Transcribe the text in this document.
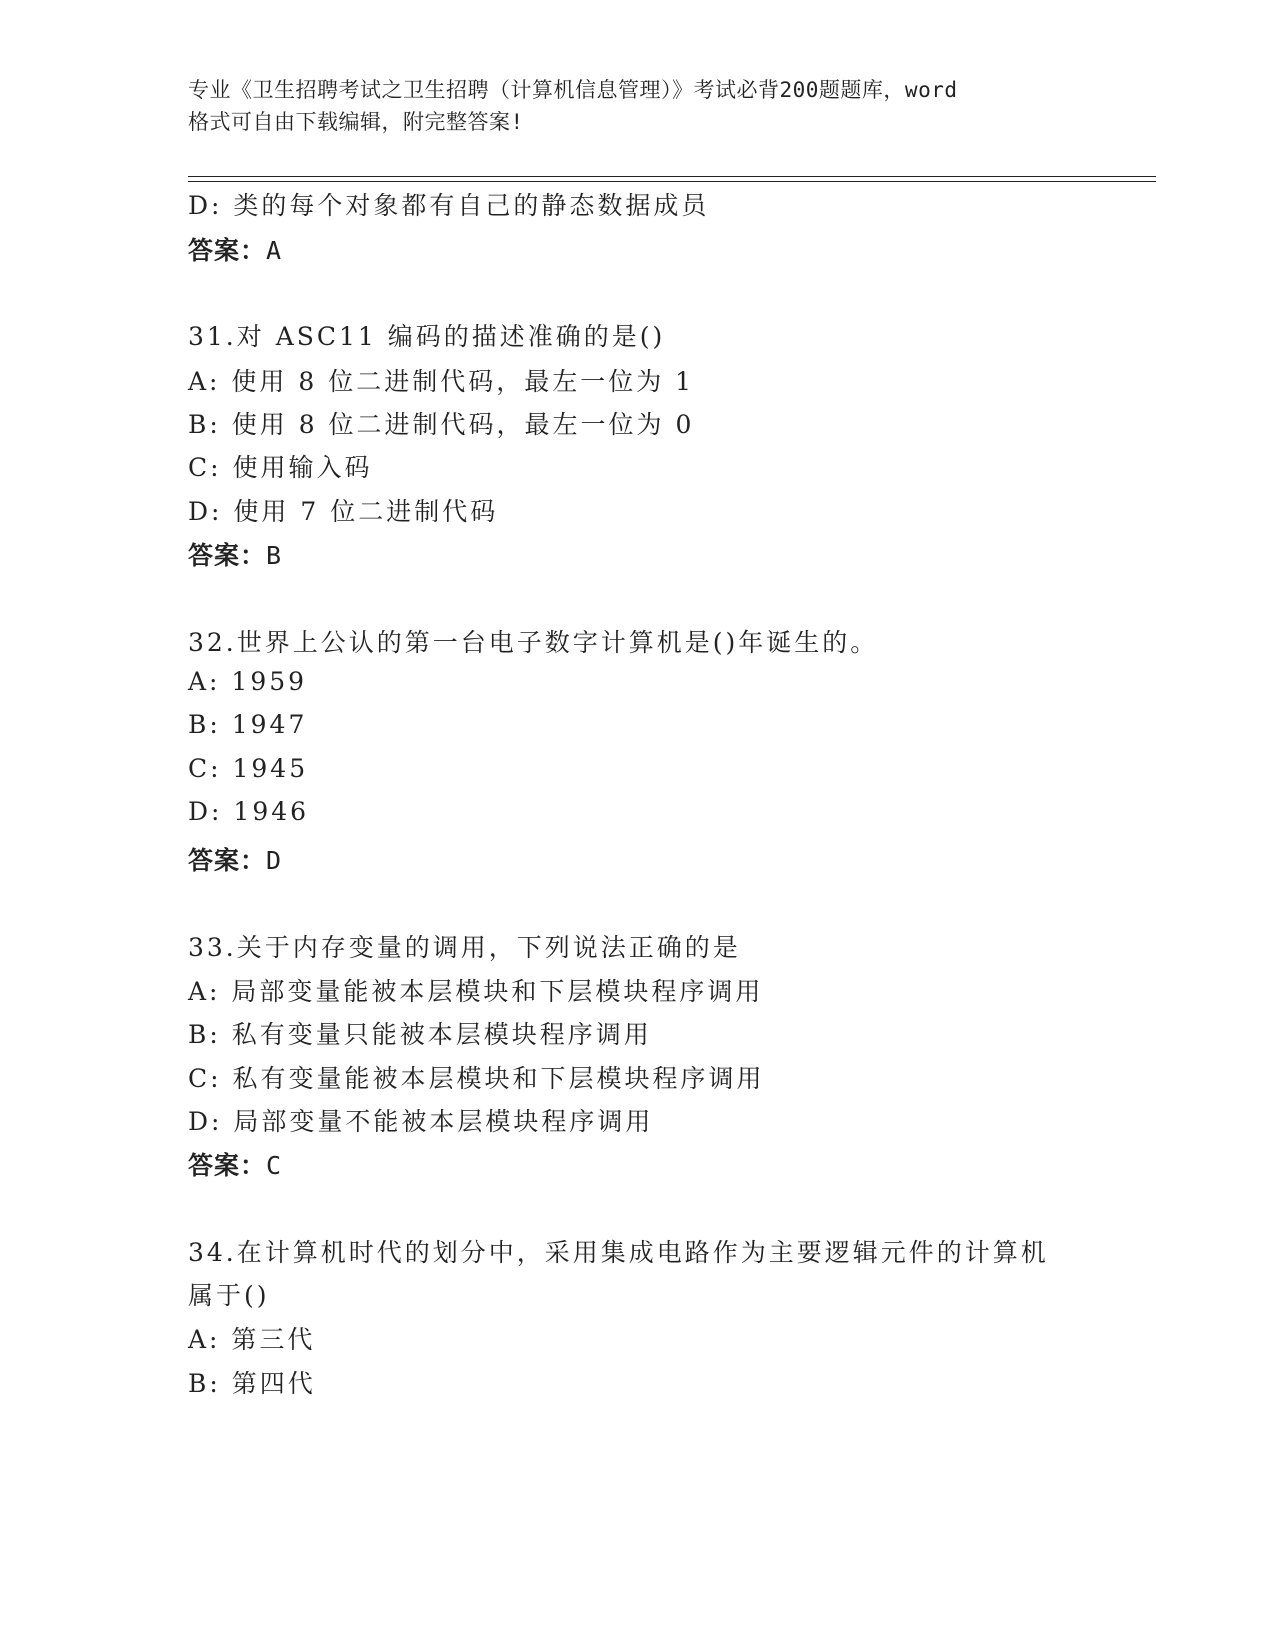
专业《卫生招聘考试之卫生招聘（计算机信息管理）》考试必背200题题库，word
格式可自由下载编辑，附完整答案!
D: 类的每个对象都有自己的静态数据成员
答案：A
31.对 ASC11 编码的描述准确的是()
A: 使用 8 位二进制代码，最左一位为 1
B: 使用 8 位二进制代码，最左一位为 0
C: 使用输入码
D: 使用 7 位二进制代码
答案：B
32.世界上公认的第一台电子数字计算机是()年诞生的。
A: 1959
B: 1947
C: 1945
D: 1946
答案：D
33.关于内存变量的调用，下列说法正确的是
A: 局部变量能被本层模块和下层模块程序调用
B: 私有变量只能被本层模块程序调用
C: 私有变量能被本层模块和下层模块程序调用
D: 局部变量不能被本层模块程序调用
答案：C
34.在计算机时代的划分中，采用集成电路作为主要逻辑元件的计算机
属于()
A: 第三代
B: 第四代
